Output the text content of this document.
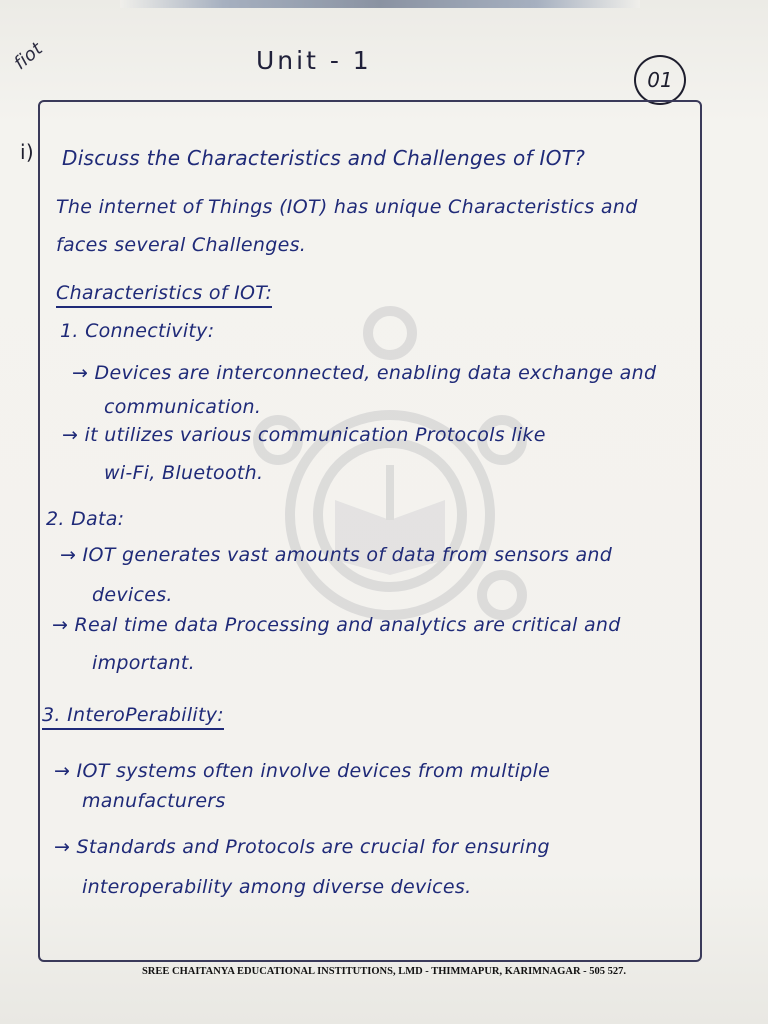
fiot	Unit - 1
01
i) Discuss the Characteristics and Challenges of IOT?
The internet of Things (IOT) has unique Characteristics and
faces several Challenges.
Characteristics of IOT:
1. Connectivity:
→ Devices are interconnected, enabling data exchange and
communication.
→ it utilizes various communication Protocols like
wi-Fi, Bluetooth.
2. Data:
→ IOT generates vast amounts of data from sensors and
devices.
→ Real time data Processing and analytics are critical and
important.
3. InteroPerability:
→ IOT systems often involve devices from multiple
manufacturers
→ Standards and Protocols are crucial for ensuring
interoperability among diverse devices.
SREE CHAITANYA EDUCATIONAL INSTITUTIONS, LMD - THIMMAPUR, KARIMNAGAR - 505 527.
